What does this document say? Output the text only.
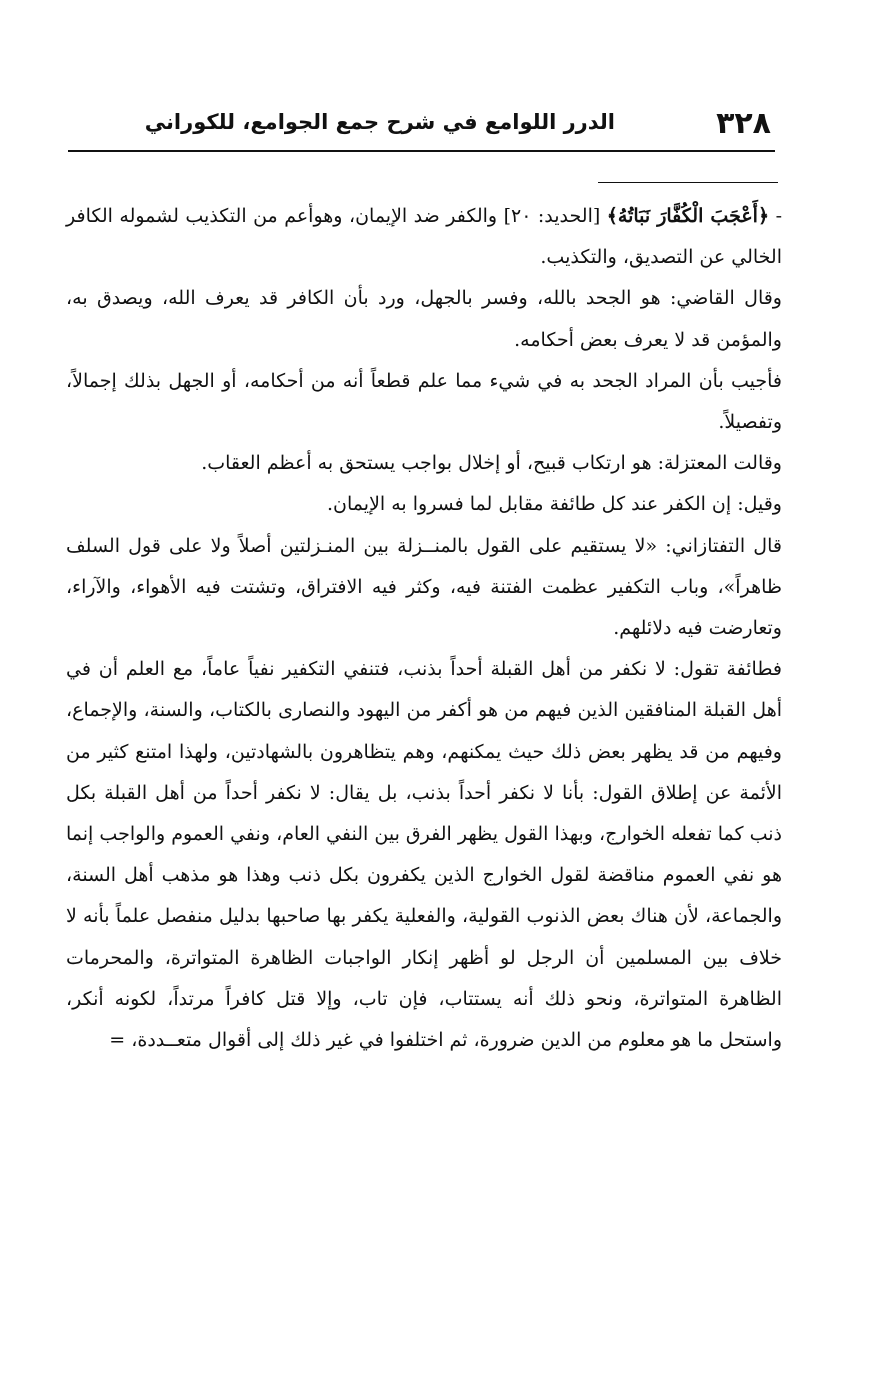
٣٢٨
الدرر اللوامع في شرح جمع الجوامع، للكوراني

- ﴿أَعْجَبَ الْكُفَّارَ نَبَاتُهُ﴾ [الحديد: ٢٠] والكفر ضد الإيمان، وهوأعم من التكذيب لشموله الكافر الخالي عن التصديق، والتكذيب.

وقال القاضي: هو الجحد بالله، وفسر بالجهل، ورد بأن الكافر قد يعرف الله، ويصدق به، والمؤمن قد لا يعرف بعض أحكامه.

فأجيب بأن المراد الجحد به في شيء مما علم قطعاً أنه من أحكامه، أو الجهل بذلك إجمالاً، وتفصيلاً.

وقالت المعتزلة: هو ارتكاب قبيح، أو إخلال بواجب يستحق به أعظم العقاب.

وقيل: إن الكفر عند كل طائفة مقابل لما فسروا به الإيمان.

قال التفتازاني: «لا يستقيم على القول بالمنــزلة بين المنـزلتين أصلاً ولا على قول السلف ظاهراً»، وباب التكفير عظمت الفتنة فيه، وكثر فيه الافتراق، وتشتت فيه الأهواء، والآراء، وتعارضت فيه دلائلهم.

فطائفة تقول: لا نكفر من أهل القبلة أحداً بذنب، فتنفي التكفير نفياً عاماً، مع العلم أن في أهل القبلة المنافقين الذين فيهم من هو أكفر من اليهود والنصارى بالكتاب، والسنة، والإجماع، وفيهم من قد يظهر بعض ذلك حيث يمكنهم، وهم يتظاهرون بالشهادتين، ولهذا امتنع كثير من الأئمة عن إطلاق القول: بأنا لا نكفر أحداً بذنب، بل يقال: لا نكفر أحداً من أهل القبلة بكل ذنب كما تفعله الخوارج، وبهذا القول يظهر الفرق بين النفي العام، ونفي العموم والواجب إنما هو نفي العموم مناقضة لقول الخوارج الذين يكفرون بكل ذنب وهذا هو مذهب أهل السنة، والجماعة، لأن هناك بعض الذنوب القولية، والفعلية يكفر بها صاحبها بدليل منفصل علماً بأنه لا خلاف بين المسلمين أن الرجل لو أظهر إنكار الواجبات الظاهرة المتواترة، والمحرمات الظاهرة المتواترة، ونحو ذلك أنه يستتاب، فإن تاب، وإلا قتل كافراً مرتداً، لكونه أنكر، واستحل ما هو معلوم من الدين ضرورة، ثم اختلفوا في غير ذلك إلى أقوال متعــددة، =
